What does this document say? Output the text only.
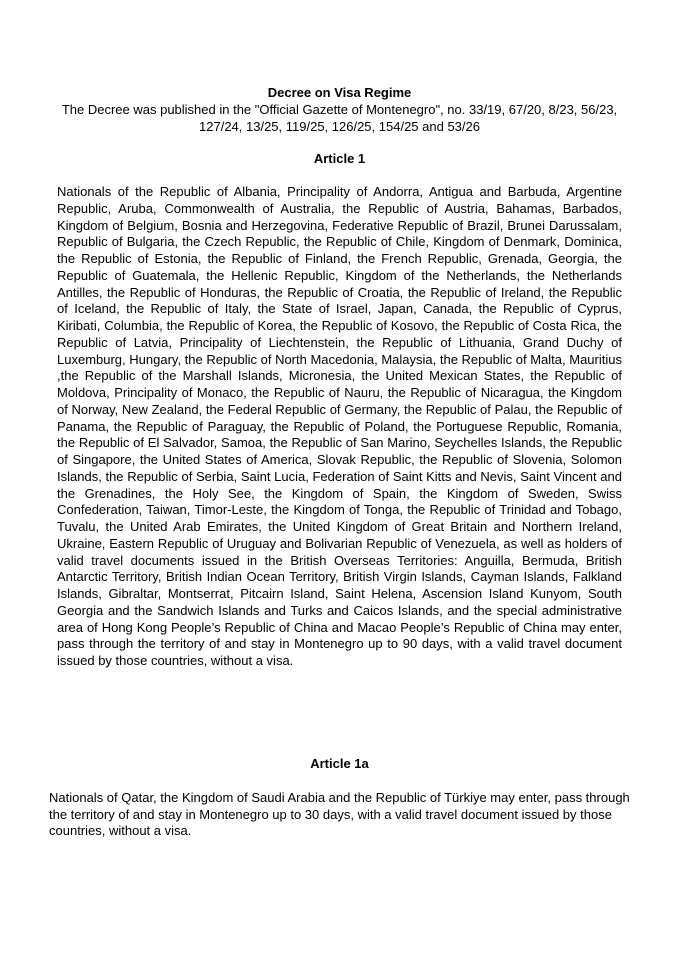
Decree on Visa Regime

The Decree was published in the "Official Gazette of Montenegro", no. 33/19, 67/20, 8/23, 56/23, 127/24, 13/25, 119/25, 126/25, 154/25 and 53/26

Article 1

Nationals of the Republic of Albania, Principality of Andorra, Antigua and Barbuda, Argentine Republic, Aruba, Commonwealth of Australia, the Republic of Austria, Bahamas, Barbados, Kingdom of Belgium, Bosnia and Herzegovina, Federative Republic of Brazil, Brunei Darussalam, Republic of Bulgaria, the Czech Republic, the Republic of Chile, Kingdom of Denmark, Dominica, the Republic of Estonia, the Republic of Finland, the French Republic, Grenada, Georgia, the Republic of Guatemala, the Hellenic Republic, Kingdom of the Netherlands, the Netherlands Antilles, the Republic of Honduras, the Republic of Croatia, the Republic of Ireland, the Republic of Iceland, the Republic of Italy, the State of Israel, Japan, Canada, the Republic of Cyprus, Kiribati, Columbia, the Republic of Korea, the Republic of Kosovo, the Republic of Costa Rica, the Republic of Latvia, Principality of Liechtenstein, the Republic of Lithuania, Grand Duchy of Luxemburg, Hungary, the Republic of North Macedonia, Malaysia, the Republic of Malta, Mauritius ,the Republic of the Marshall Islands, Micronesia, the United Mexican States, the Republic of Moldova, Principality of Monaco, the Republic of Nauru, the Republic of Nicaragua, the Kingdom of Norway, New Zealand, the Federal Republic of Germany, the Republic of Palau, the Republic of Panama, the Republic of Paraguay, the Republic of Poland, the Portuguese Republic, Romania, the Republic of El Salvador, Samoa, the Republic of San Marino, Seychelles Islands, the Republic of Singapore, the United States of America, Slovak Republic, the Republic of Slovenia, Solomon Islands, the Republic of Serbia, Saint Lucia, Federation of Saint Kitts and Nevis, Saint Vincent and the Grenadines, the Holy See, the Kingdom of Spain, the Kingdom of Sweden, Swiss Confederation, Taiwan, Timor-Leste, the Kingdom of Tonga, the Republic of Trinidad and Tobago, Tuvalu, the United Arab Emirates, the United Kingdom of Great Britain and Northern Ireland, Ukraine, Eastern Republic of Uruguay and Bolivarian Republic of Venezuela, as well as holders of valid travel documents issued in the British Overseas Territories: Anguilla, Bermuda, British Antarctic Territory, British Indian Ocean Territory, British Virgin Islands, Cayman Islands, Falkland Islands, Gibraltar, Montserrat, Pitcairn Island, Saint Helena, Ascension Island Kunyom, South Georgia and the Sandwich Islands and Turks and Caicos Islands, and the special administrative area of Hong Kong People’s Republic of China and Macao People’s Republic of China may enter, pass through the territory of and stay in Montenegro up to 90 days, with a valid travel document issued by those countries, without a visa.

Article 1a

Nationals of Qatar, the Kingdom of Saudi Arabia and the Republic of Türkiye may enter, pass through the territory of and stay in Montenegro up to 30 days, with a valid travel document issued by those countries, without a visa.
